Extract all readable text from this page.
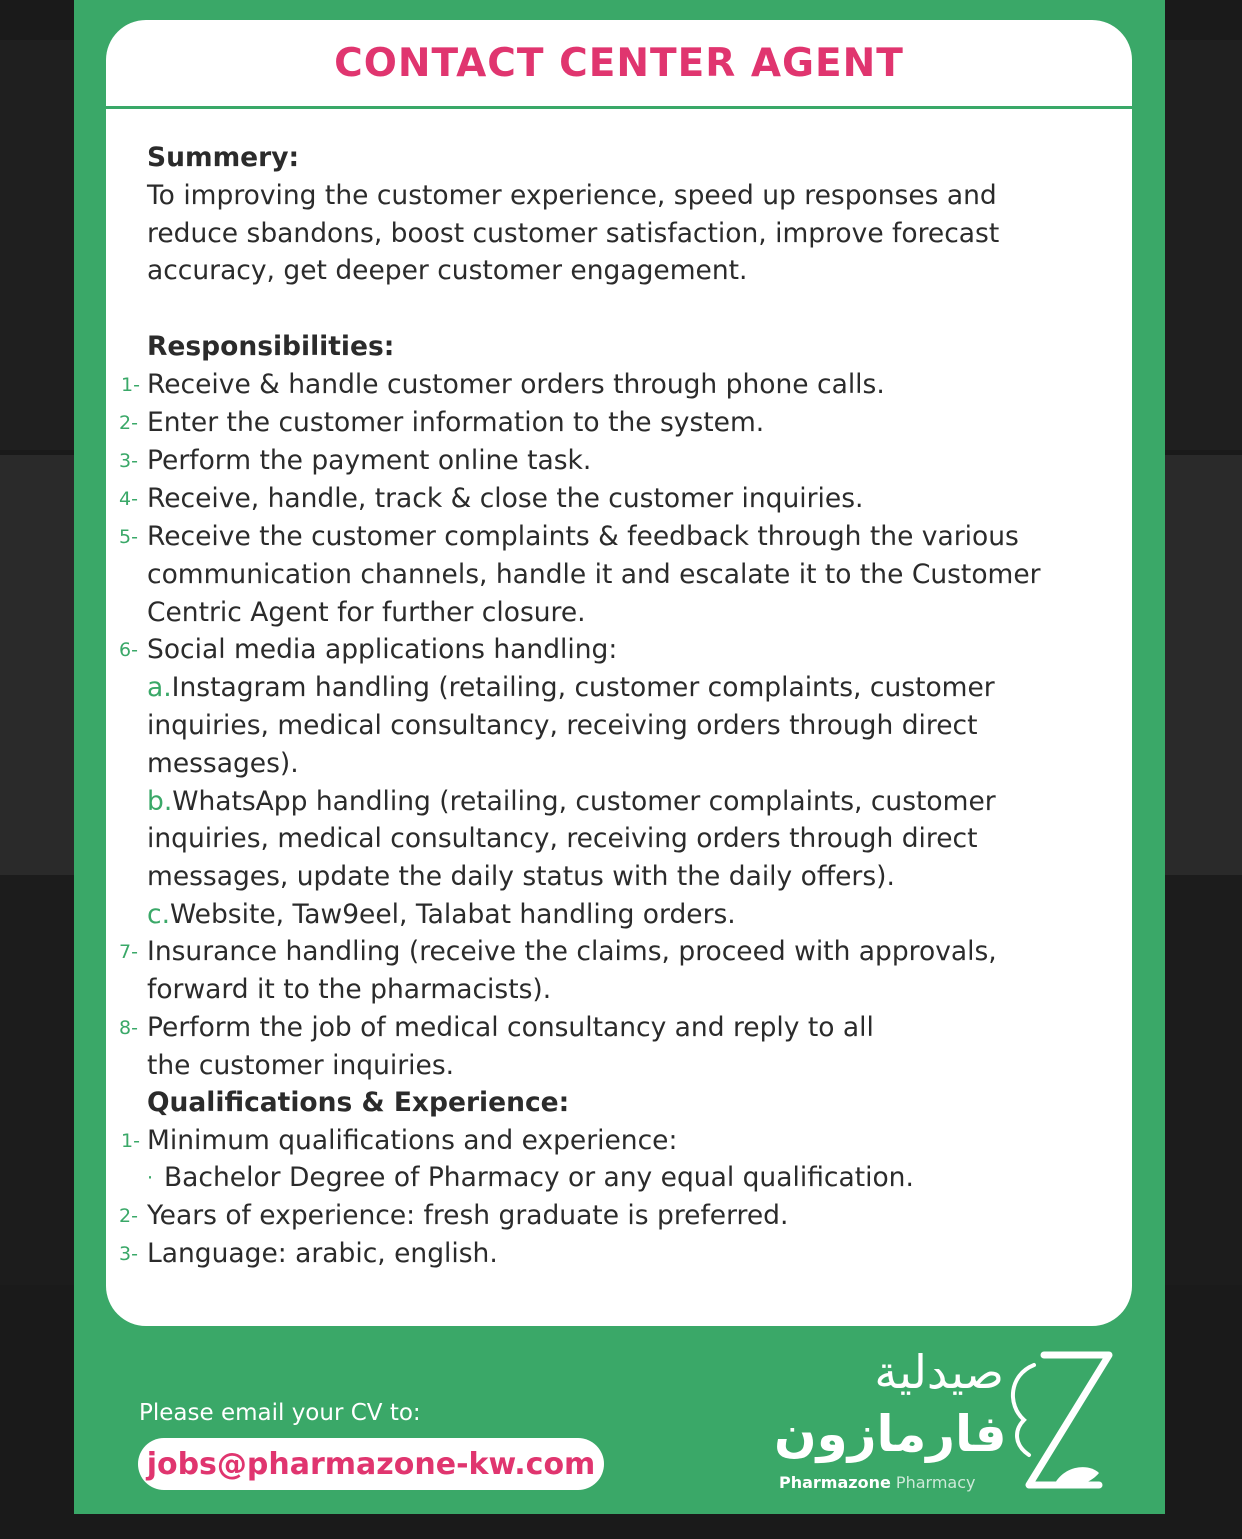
CONTACT CENTER AGENT
Summery:
To improving the customer experience, speed up responses and
reduce sbandons, boost customer satisfaction, improve forecast
accuracy, get deeper customer engagement.
Responsibilities:
1- Receive & handle customer orders through phone calls.
2- Enter the customer information to the system.
3- Perform the payment online task.
4- Receive, handle, track & close the customer inquiries.
5- Receive the customer complaints & feedback through the various
communication channels, handle it and escalate it to the Customer
Centric Agent for further closure.
6- Social media applications handling:
a.Instagram handling (retailing, customer complaints, customer
inquiries, medical consultancy, receiving orders through direct
messages).
b.WhatsApp handling (retailing, customer complaints, customer
inquiries, medical consultancy, receiving orders through direct
messages, update the daily status with the daily offers).
c.Website, Taw9eel, Talabat handling orders.
7- Insurance handling (receive the claims, proceed with approvals,
forward it to the pharmacists).
8- Perform the job of medical consultancy and reply to all
the customer inquiries.
Qualifications & Experience:
1- Minimum qualifications and experience:
· Bachelor Degree of Pharmacy or any equal qualification.
2- Years of experience: fresh graduate is preferred.
3- Language: arabic, english.
Please email your CV to:
jobs@pharmazone-kw.com
صيدلية
فارمازون
Pharmazone Pharmacy
